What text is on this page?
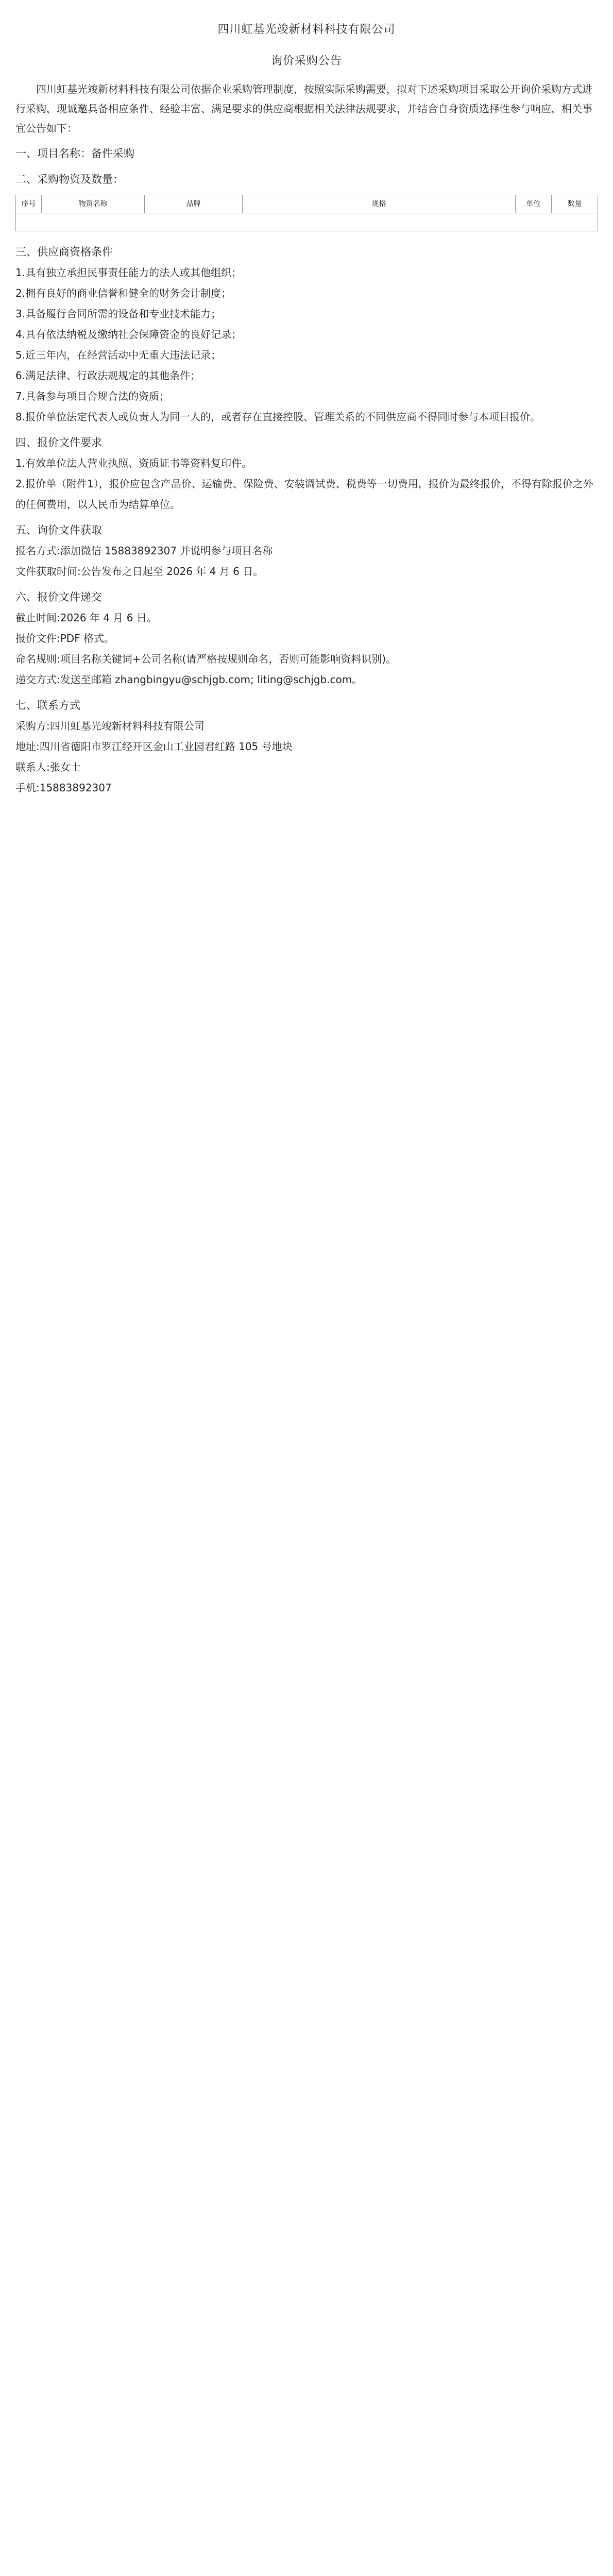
四川虹基光竣新材料科技有限公司
询价采购公告

四川虹基光竣新材料科技有限公司依据企业采购管理制度，按照实际采购需要，拟对下述采购项目采取公开询价采购方式进行采购，现诚邀具备相应条件、经验丰富、满足要求的供应商根据相关法律法规要求，并结合自身资质选择性参与响应，相关事宜公告如下：

一、项目名称：备件采购

二、采购物资及数量：

序号	物资名称	品牌	规格	单位	数量

三、供应商资格条件

1.具有独立承担民事责任能力的法人或其他组织；

2.拥有良好的商业信誉和健全的财务会计制度；

3.具备履行合同所需的设备和专业技术能力；

4.具有依法纳税及缴纳社会保障资金的良好记录；

5.近三年内，在经营活动中无重大违法记录；

6.满足法律、行政法规规定的其他条件；

7.具备参与项目合规合法的资质；

8.报价单位法定代表人或负责人为同一人的，或者存在直接控股、管理关系的不同供应商不得同时参与本项目报价。

四、报价文件要求

1.有效单位法人营业执照、资质证书等资料复印件。

2.报价单（附件1），报价应包含产品价、运输费、保险费、安装调试费、税费等一切费用，报价为最终报价，不得有除报价之外的任何费用，以人民币为结算单位。

五、询价文件获取

报名方式:添加微信 15883892307 并说明参与项目名称

文件获取时间:公告发布之日起至 2026 年 4 月 6 日。

六、报价文件递交

截止时间:2026 年 4 月 6 日。

报价文件:PDF 格式。

命名规则:项目名称关键词+公司名称(请严格按规则命名，否则可能影响资料识别)。

递交方式:发送至邮箱 zhangbingyu@schjgb.com; liting@schjgb.com。

七、联系方式

采购方:四川虹基光竣新材料科技有限公司

地址:四川省德阳市罗江经开区金山工业园君红路 105 号地块

联系人:张女士

手机:15883892307
